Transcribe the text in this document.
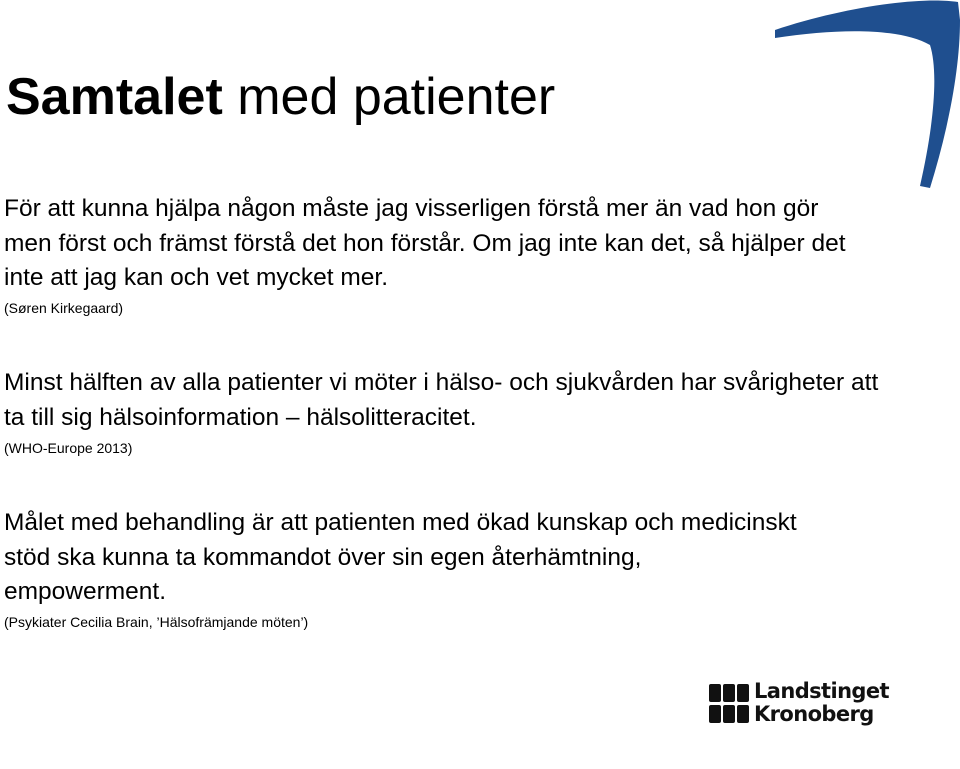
Samtalet med patienter

För att kunna hjälpa någon måste jag visserligen förstå mer än vad hon gör men först och främst förstå det hon förstår. Om jag inte kan det, så hjälper det inte att jag kan och vet mycket mer.

(Søren Kirkegaard)

Minst hälften av alla patienter vi möter i hälso- och sjukvården har svårigheter att ta till sig hälsoinformation – hälsolitteracitet.

(WHO-Europe 2013)

Målet med behandling är att patienten med ökad kunskap och medicinskt stöd ska kunna ta kommandot över sin egen återhämtning, empowerment.

(Psykiater Cecilia Brain, ’Hälsofrämjande möten’)

Landstinget
Kronoberg
